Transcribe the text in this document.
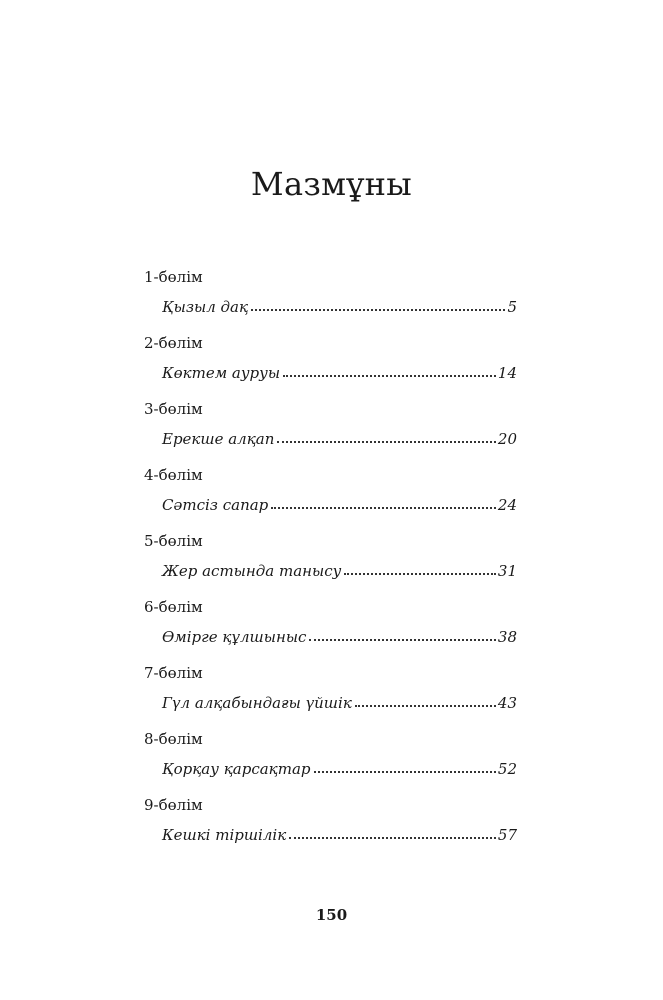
Мазмұны
1-бөлім
Қызыл дақ	5
2-бөлім
Көктем ауруы	14
3-бөлім
Ерекше алқап	20
4-бөлім
Сәтсіз сапар	24
5-бөлім
Жер астында танысу	31
6-бөлім
Өмірге құлшыныс	38
7-бөлім
Гүл алқабындағы үйшік	43
8-бөлім
Қорқау қарсақтар	52
9-бөлім
Кешкі тіршілік	57
150
